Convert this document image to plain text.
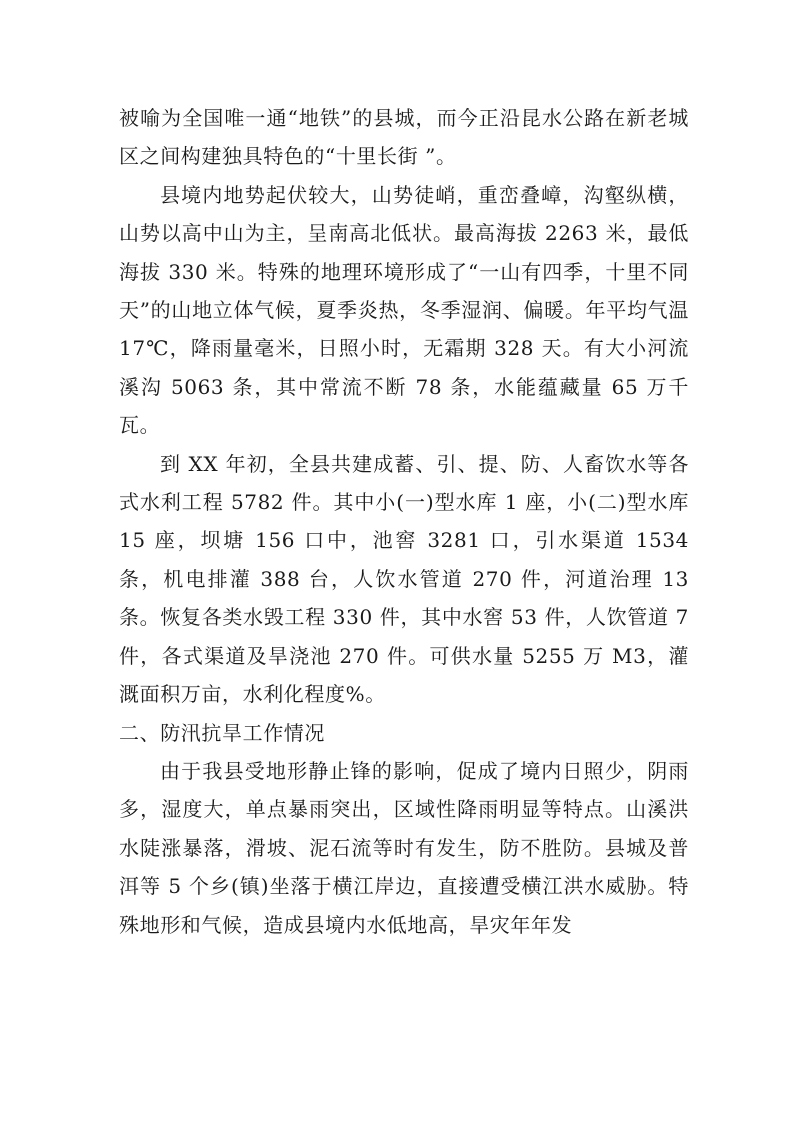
被喻为全国唯一通“地铁”的县城，而今正沿昆水公路在新老城区之间构建独具特色的“十里长街 ”。

县境内地势起伏较大，山势徒峭，重峦叠嶂，沟壑纵横，山势以高中山为主，呈南高北低状。最高海拔 2263 米，最低海拔 330 米。特殊的地理环境形成了“一山有四季，十里不同天”的山地立体气候，夏季炎热，冬季湿润、偏暖。年平均气温 17℃，降雨量毫米，日照小时，无霜期 328 天。有大小河流溪沟 5063 条，其中常流不断 78 条，水能蕴藏量 65 万千瓦。

到 XX 年初，全县共建成蓄、引、提、防、人畜饮水等各式水利工程 5782 件。其中小(一)型水库 1 座，小(二)型水库 15 座，坝塘 156 口中，池窖 3281 口，引水渠道 1534 条，机电排灌 388 台，人饮水管道 270 件，河道治理 13 条。恢复各类水毁工程 330 件，其中水窖 53 件，人饮管道 7 件，各式渠道及旱浇池 270 件。可供水量 5255 万 M3，灌溉面积万亩，水利化程度%。

二、防汛抗旱工作情况

由于我县受地形静止锋的影响，促成了境内日照少，阴雨多，湿度大，单点暴雨突出，区域性降雨明显等特点。山溪洪水陡涨暴落，滑坡、泥石流等时有发生，防不胜防。县城及普洱等 5 个乡(镇)坐落于横江岸边，直接遭受横江洪水威胁。特殊地形和气候，造成县境内水低地高，旱灾年年发
